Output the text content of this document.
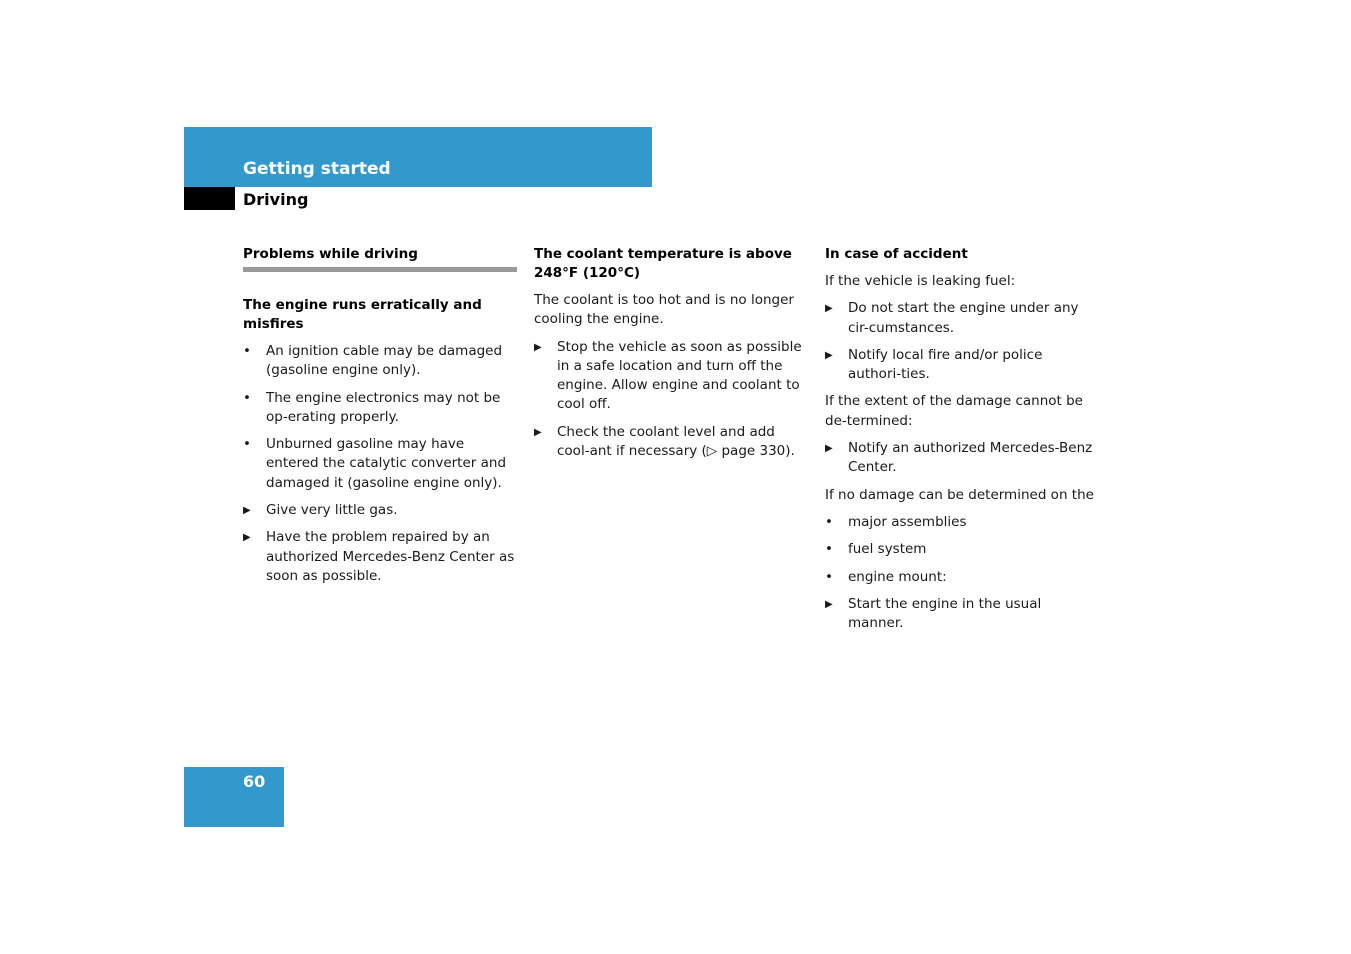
Getting started
Driving

Problems while driving

The engine runs erratically and misfires

•	An ignition cable may be damaged (gasoline engine only).
•	The engine electronics may not be op-erating properly.
•	Unburned gasoline may have entered the catalytic converter and damaged it (gasoline engine only).
▶	Give very little gas.
▶	Have the problem repaired by an authorized Mercedes-Benz Center as soon as possible.

The coolant temperature is above 248°F (120°C)

The coolant is too hot and is no longer cooling the engine.

▶	Stop the vehicle as soon as possible in a safe location and turn off the engine. Allow engine and coolant to cool off.
▶	Check the coolant level and add cool-ant if necessary (▷ page 330).

In case of accident

If the vehicle is leaking fuel:

▶	Do not start the engine under any cir-cumstances.
▶	Notify local fire and/or police authori-ties.

If the extent of the damage cannot be de-termined:

▶	Notify an authorized Mercedes-Benz Center.

If no damage can be determined on the

•	major assemblies
•	fuel system
•	engine mount:
▶	Start the engine in the usual manner.
60
